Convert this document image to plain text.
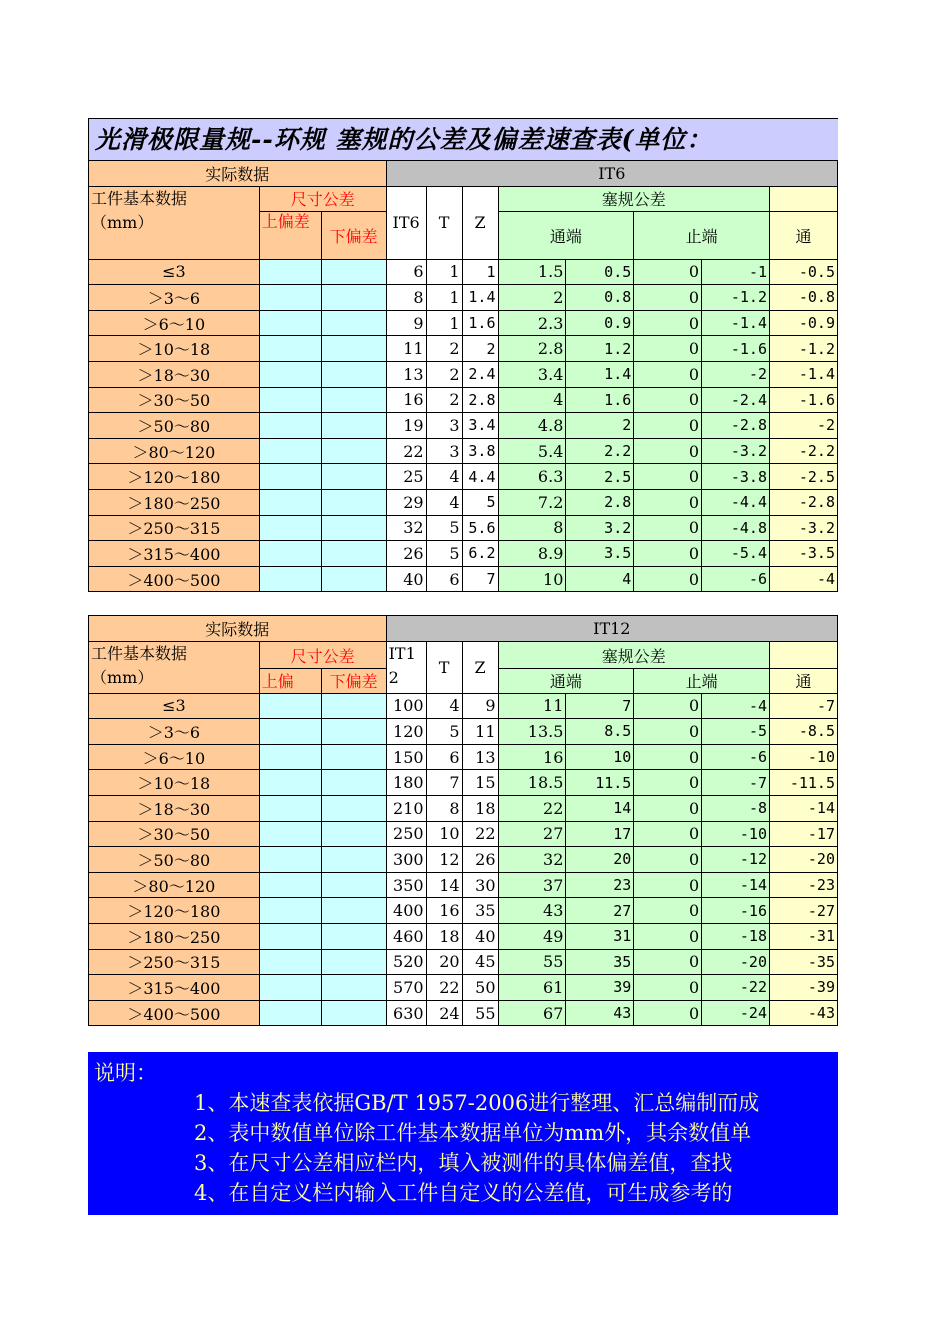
光滑极限量规--环规 塞规的公差及偏差速查表(单位：
实际数据			IT6							

工件基本数据
（mm）	尺寸公差		IT6	T	Z	塞规公差				
	上偏差	下偏差				通端		止端		通
≤3			6	1	1	1.5	0.5	0	-1	-0.5
＞3～6			8	1	1.4	2	0.8	0	-1.2	-0.8
＞6～10			9	1	1.6	2.3	0.9	0	-1.4	-0.9
＞10～18			11	2	2	2.8	1.2	0	-1.6	-1.2
＞18～30			13	2	2.4	3.4	1.4	0	-2	-1.4
＞30～50			16	2	2.8	4	1.6	0	-2.4	-1.6
＞50～80			19	3	3.4	4.8	2	0	-2.8	-2
＞80～120			22	3	3.8	5.4	2.2	0	-3.2	-2.2
＞120～180			25	4	4.4	6.3	2.5	0	-3.8	-2.5
＞180～250			29	4	5	7.2	2.8	0	-4.4	-2.8
＞250～315			32	5	5.6	8	3.2	0	-4.8	-3.2
＞315～400			26	5	6.2	8.9	3.5	0	-5.4	-3.5
＞400～500			40	6	7	10	4	0	-6	-4
实际数据			IT12							

工件基本数据
（mm）	尺寸公差		IT12	T	Z	塞规公差				
	上偏	下偏差				通端		止端		通
≤3			100	4	9	11	7	0	-4	-7
＞3～6			120	5	11	13.5	8.5	0	-5	-8.5
＞6～10			150	6	13	16	10	0	-6	-10
＞10～18			180	7	15	18.5	11.5	0	-7	-11.5
＞18～30			210	8	18	22	14	0	-8	-14
＞30～50			250	10	22	27	17	0	-10	-17
＞50～80			300	12	26	32	20	0	-12	-20
＞80～120			350	14	30	37	23	0	-14	-23
＞120～180			400	16	35	43	27	0	-16	-27
＞180～250			460	18	40	49	31	0	-18	-31
＞250～315			520	20	45	55	35	0	-20	-35
＞315～400			570	22	50	61	39	0	-22	-39
＞400～500			630	24	55	67	43	0	-24	-43
说明：
1、本速查表依据GB/T 1957-2006进行整理、汇总编制而成
2、表中数值单位除工件基本数据单位为mm外，其余数值单
3、在尺寸公差相应栏内，填入被测件的具体偏差值，查找
4、在自定义栏内输入工件自定义的公差值，可生成参考的
